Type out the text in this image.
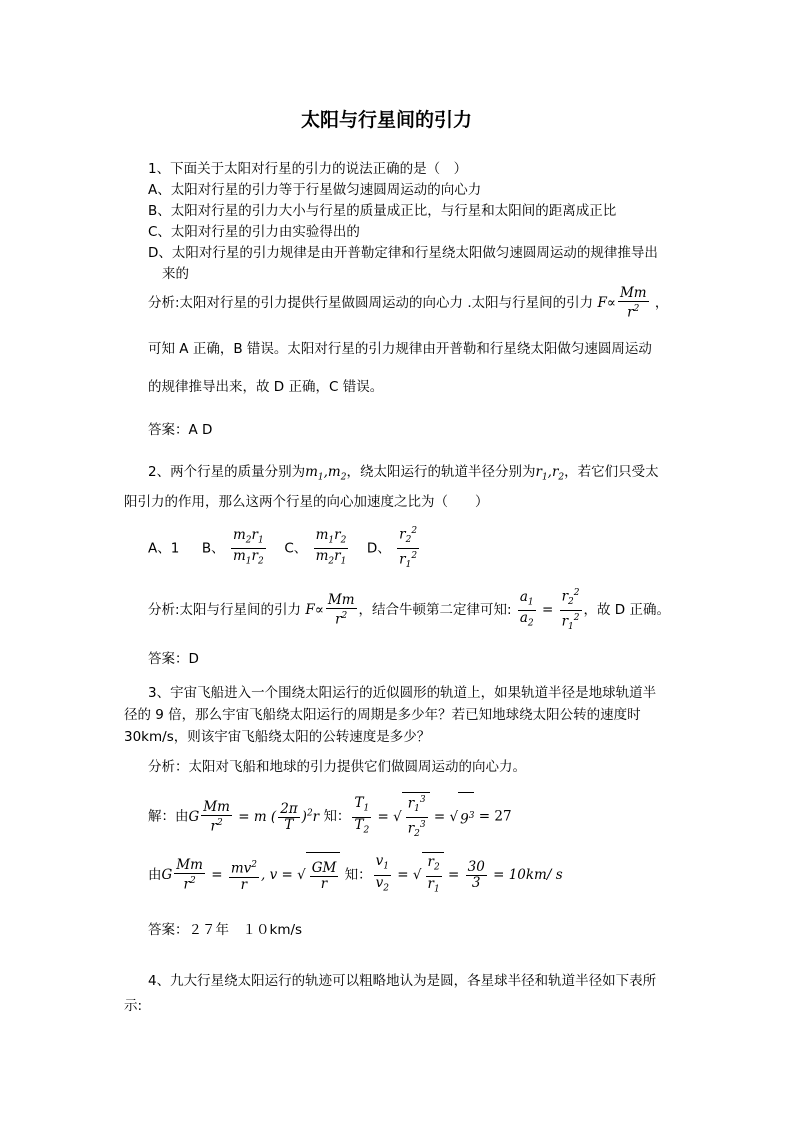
太阳与行星间的引力
1、下面关于太阳对行星的引力的说法正确的是（　）
A、太阳对行星的引力等于行星做匀速圆周运动的向心力
B、太阳对行星的引力大小与行星的质量成正比，与行星和太阳间的距离成正比
C、太阳对行星的引力由实验得出的
D、太阳对行星的引力规律是由开普勒定律和行星绕太阳做匀速圆周运动的规律推导出
来的
分析:太阳对行星的引力提供行星做圆周运动的向心力 .太阳与行星间的引力 $F\propto \frac{Mm}{r^2}$ ，
可知 A 正确，B 错误。太阳对行星的引力规律由开普勒和行星绕太阳做匀速圆周运动
的规律推导出来，故 D 正确，C 错误。
答案：A D
2、两个行星的质量分别为$m_1,m_2$，绕太阳运行的轨道半径分别为$r_1,r_2$，若它们只受太
阳引力的作用，那么这两个行星的向心加速度之比为（　　）
A、1 B、 $\frac{m_2r_1}{m_1r_2}$ C、 $\frac{m_1r_2}{m_2r_1}$ D、 $\frac{r_2^2}{r_1^2}$
分析:太阳与行星间的引力 $F\propto \frac{Mm}{r^2}$ ，结合牛顿第二定律可知: $\frac{a_1}{a_2} = \frac{r_2^2}{r_1^2}$ ，故 D 正确。
答案：D
3、宇宙飞船进入一个围绕太阳运行的近似圆形的轨道上，如果轨道半径是地球轨道半
径的 9 倍，那么宇宙飞船绕太阳运行的周期是多少年？若已知地球绕太阳公转的速度时
30km/s，则该宇宙飞船绕太阳的公转速度是多少？
分析：太阳对飞船和地球的引力提供它们做圆周运动的向心力。
解：由G $\frac{Mm}{r^2} = m$ ( $\frac{2\pi}{T} )^2r$ 知： $\frac{T_1}{T_2}$ = √ $\frac{r_1^3}{r_2^3}$ = √ $9^3 = 27$
由G $\frac{Mm}{r^2} = \frac{mv^2}{r}$ , v = √ $\frac{GM}{r}$ 知： $\frac{v_1}{v_2}$ = √ $\frac{r_2}{r_1} = \frac{30}{3} = 10km/$ s
答案：２７年　１０km/s
4、九大行星绕太阳运行的轨迹可以粗略地认为是圆，各星球半径和轨道半径如下表所
示:
